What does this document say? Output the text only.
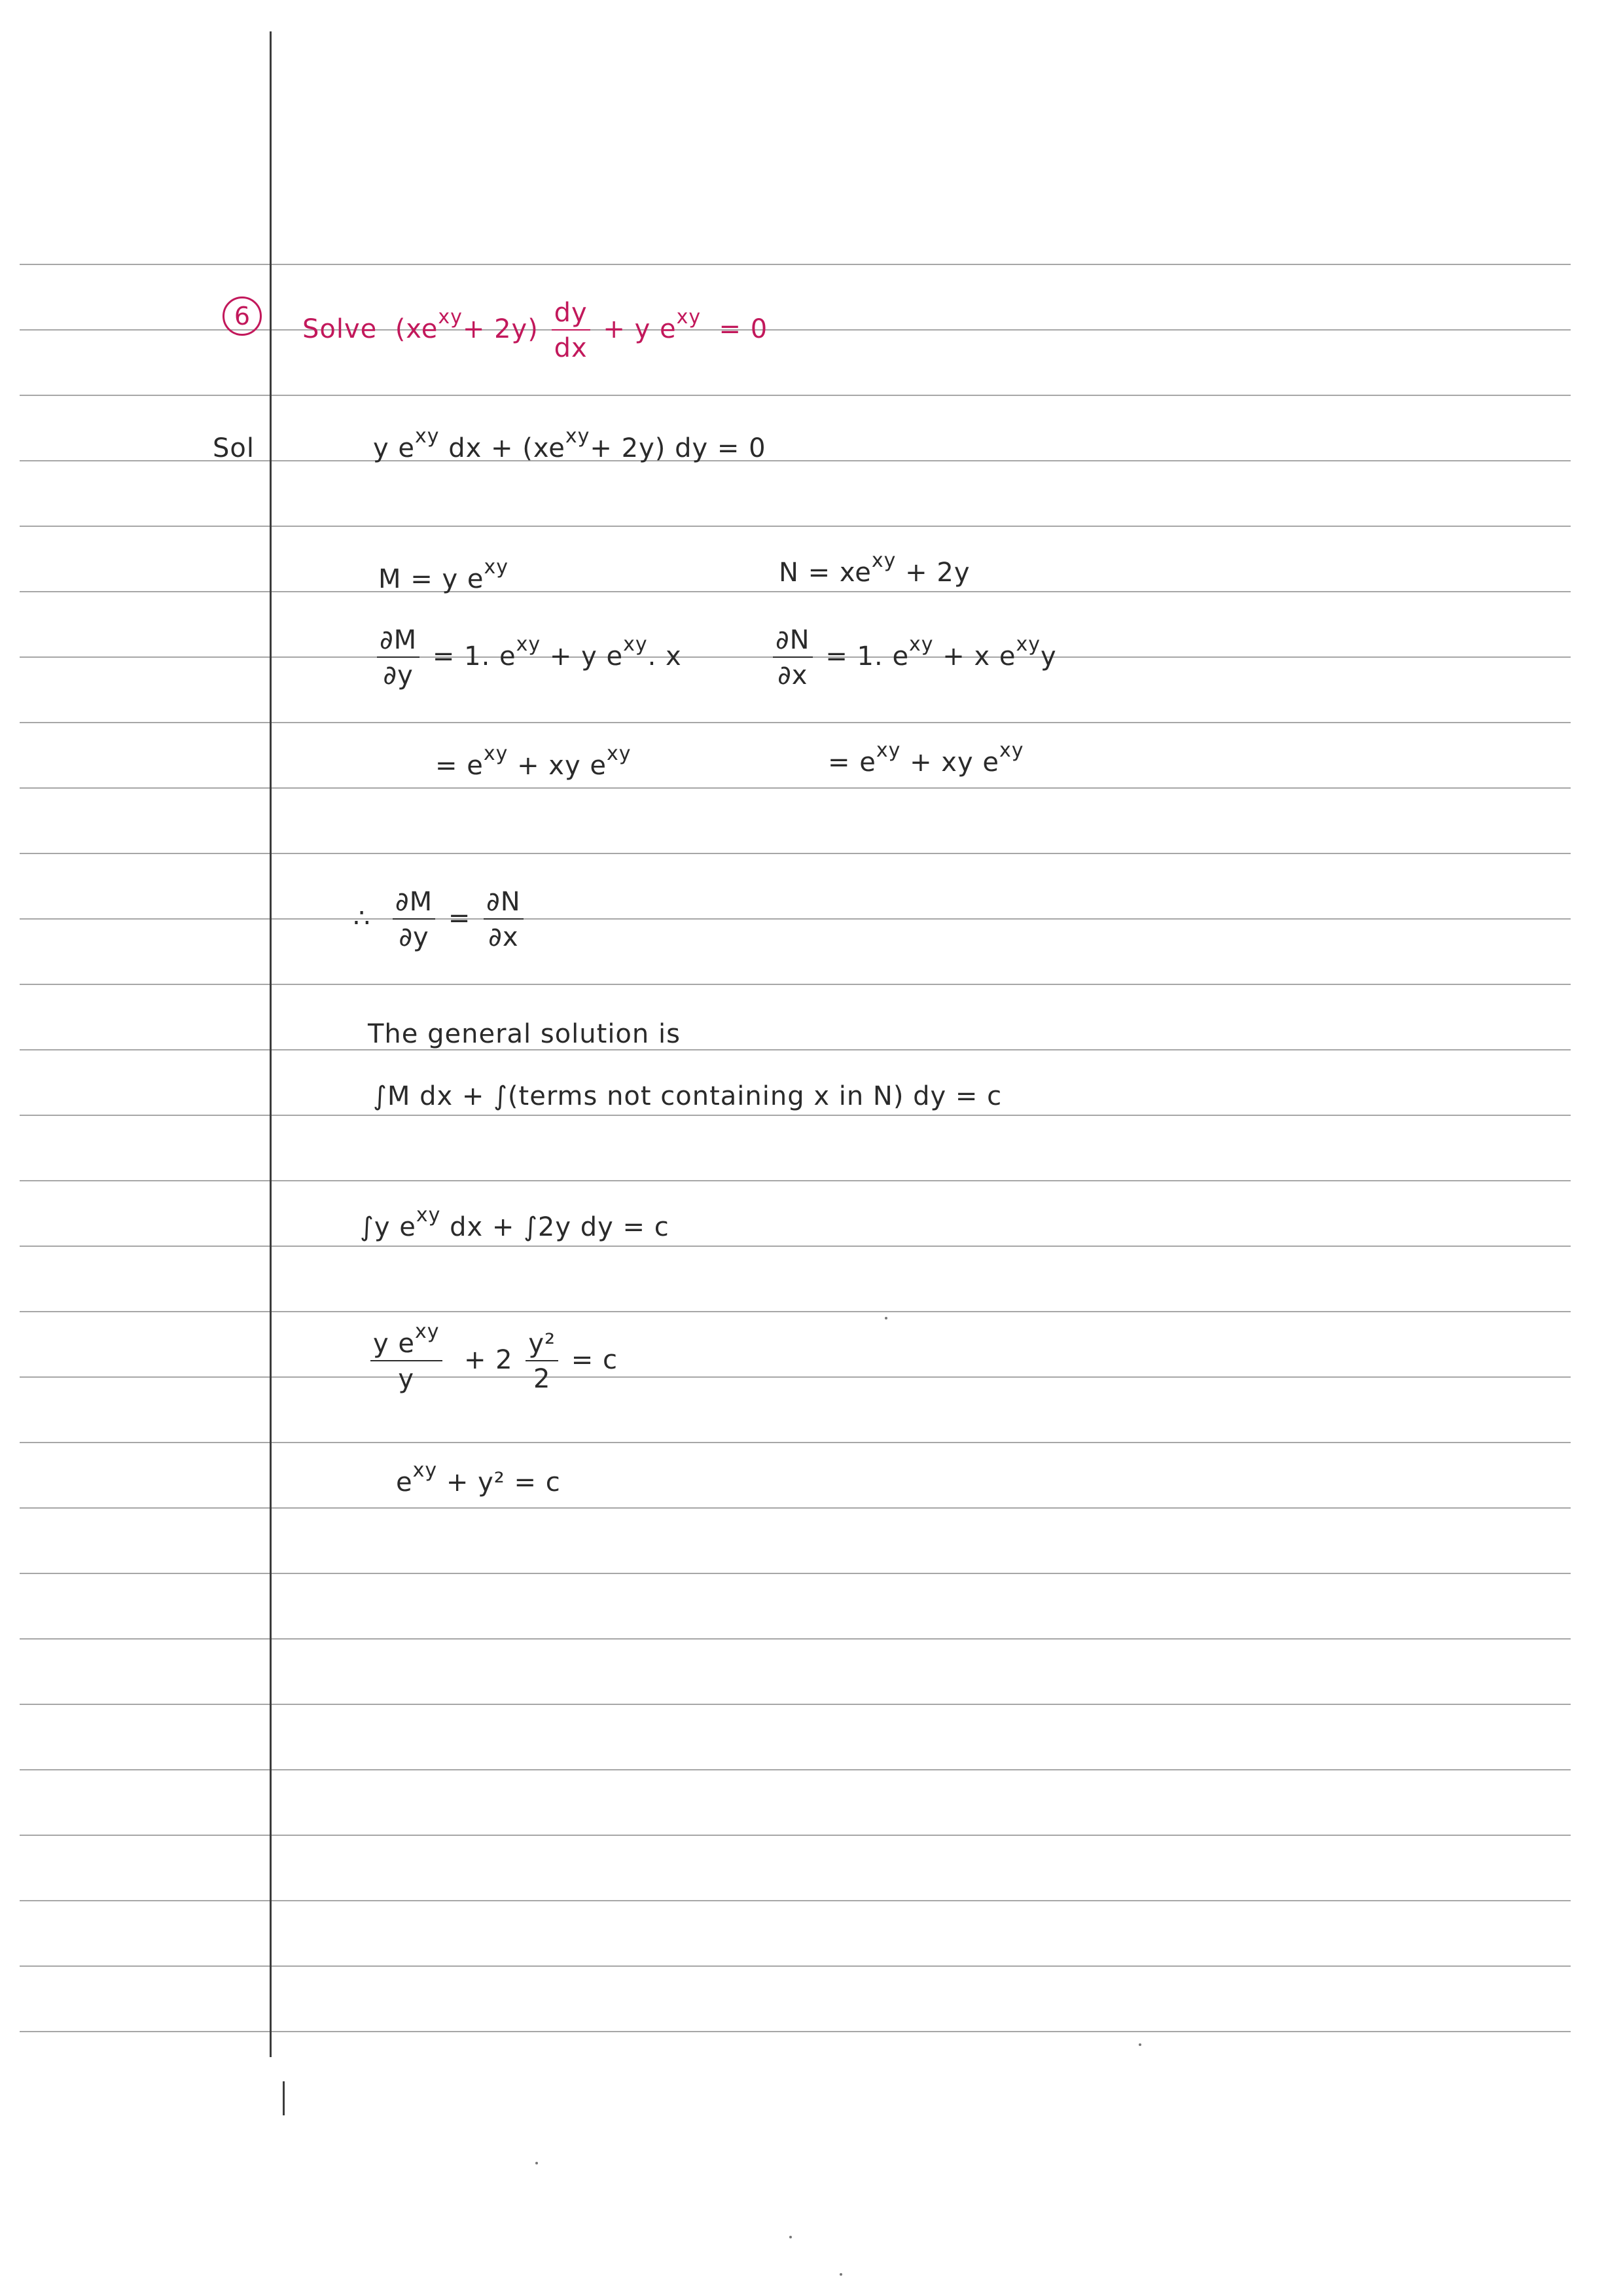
6	Solve $(xe^{xy}+ 2y) \frac{dy}{dx} + y$ $e^{xy} = 0$
Sol	y $e^{xy}$ dx + $(xe^{xy}+ 2y)$ dy = 0
M = y $e^{xy}$	$N = xe^{xy} + 2y$
$\frac{\partial M}{\partial y} = 1$. $e^{xy} + y$ $e^{xy}$. x	$\frac{\partial N}{\partial x} = 1$. $e^{xy} + x$ $e^{xy}y$
= $e^{xy}$ + xy $e^{xy}$	= $e^{xy}$ + xy $e^{xy}$
∴ $\frac{\partial M}{\partial y} = \frac{\partial N}{\partial x}$
The general solution is
∫M dx + ∫(terms not containing x in N) dy = c
∫y $e^{xy}$ dx + ∫2y dy = c
$\frac{y e^{xy}}{y} + 2 \frac{\text{y²}}{2} = c$
$e^{xy} + y^2 = c$
